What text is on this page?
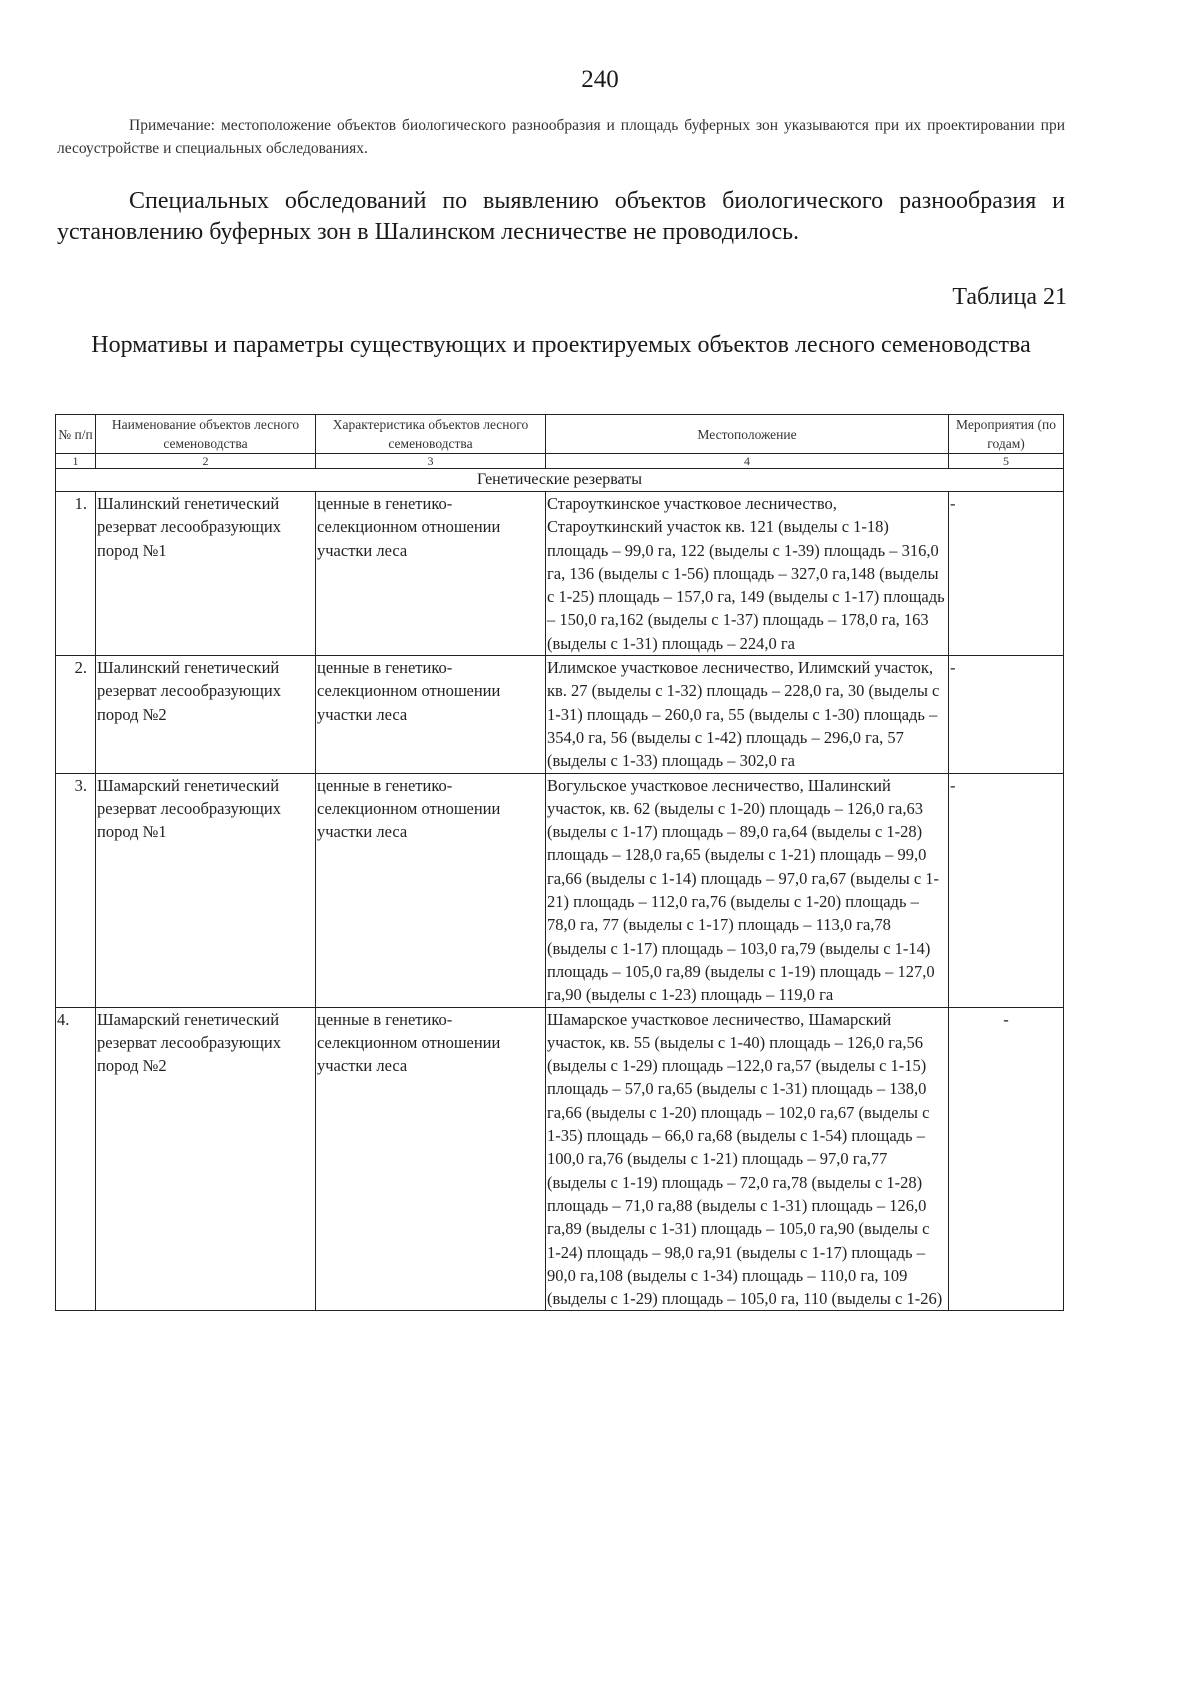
240
Примечание: местоположение объектов биологического разнообразия и площадь буферных зон указываются при их проектировании при лесоустройстве и специальных обследованиях.
Специальных обследований по выявлению объектов биологического разнообразия и установлению буферных зон в Шалинском лесничестве не проводилось.
Таблица 21
Нормативы и параметры существующих и проектируемых объектов лесного семеноводства
№ п/п	Наименование объектов лесного семеноводства	Характеристика объектов лесного семеноводства	Местоположение	Мероприятия (по годам)
1	2	3	4	5
Генетические резерваты				
1.	Шалинский генетический резерват лесообразующих пород №1	ценные в генетико-селекционном отношении участки леса	Староуткинское участковое лесничество, Староуткинский участок кв. 121 (выделы с 1-18) площадь – 99,0 га, 122 (выделы с 1-39) площадь – 316,0 га, 136 (выделы с 1-56) площадь – 327,0 га,148 (выделы с 1-25) площадь – 157,0 га, 149 (выделы с 1-17) площадь – 150,0 га,162 (выделы с 1-37) площадь – 178,0 га, 163 (выделы с 1-31) площадь – 224,0 га	-
2.	Шалинский генетический резерват лесообразующих пород №2	ценные в генетико-селекционном отношении участки леса	Илимское участковое лесничество, Илимский участок, кв. 27 (выделы с 1-32) площадь – 228,0 га, 30 (выделы с 1-31) площадь – 260,0 га, 55 (выделы с 1-30) площадь – 354,0 га, 56 (выделы с 1-42) площадь – 296,0 га, 57 (выделы с 1-33) площадь – 302,0 га	-
3.	Шамарский генетический резерват лесообразующих пород №1	ценные в генетико-селекционном отношении участки леса	Вогульское участковое лесничество, Шалинский участок, кв. 62 (выделы с 1-20) площадь – 126,0 га,63 (выделы с 1-17) площадь – 89,0 га,64 (выделы с 1-28) площадь – 128,0 га,65 (выделы с 1-21) площадь – 99,0 га,66 (выделы с 1-14) площадь – 97,0 га,67 (выделы с 1-21) площадь – 112,0 га,76 (выделы с 1-20) площадь – 78,0 га, 77 (выделы с 1-17) площадь – 113,0 га,78 (выделы с 1-17) площадь – 103,0 га,79 (выделы с 1-14) площадь – 105,0 га,89 (выделы с 1-19) площадь – 127,0 га,90 (выделы с 1-23) площадь – 119,0 га	-
4.	Шамарский генетический резерват лесообразующих пород №2	ценные в генетико-селекционном отношении участки леса	Шамарское участковое лесничество, Шамарский участок, кв. 55 (выделы с 1-40) площадь – 126,0 га,56 (выделы с 1-29) площадь –122,0 га,57 (выделы с 1-15) площадь – 57,0 га,65 (выделы с 1-31) площадь – 138,0 га,66 (выделы с 1-20) площадь – 102,0 га,67 (выделы с 1-35) площадь – 66,0 га,68 (выделы с 1-54) площадь – 100,0 га,76 (выделы с 1-21) площадь – 97,0 га,77 (выделы с 1-19) площадь – 72,0 га,78 (выделы с 1-28) площадь – 71,0 га,88 (выделы с 1-31) площадь – 126,0 га,89 (выделы с 1-31) площадь – 105,0 га,90 (выделы с 1-24) площадь – 98,0 га,91 (выделы с 1-17) площадь – 90,0 га,108 (выделы с 1-34) площадь – 110,0 га, 109 (выделы с 1-29) площадь – 105,0 га, 110 (выделы с 1-26)	-
